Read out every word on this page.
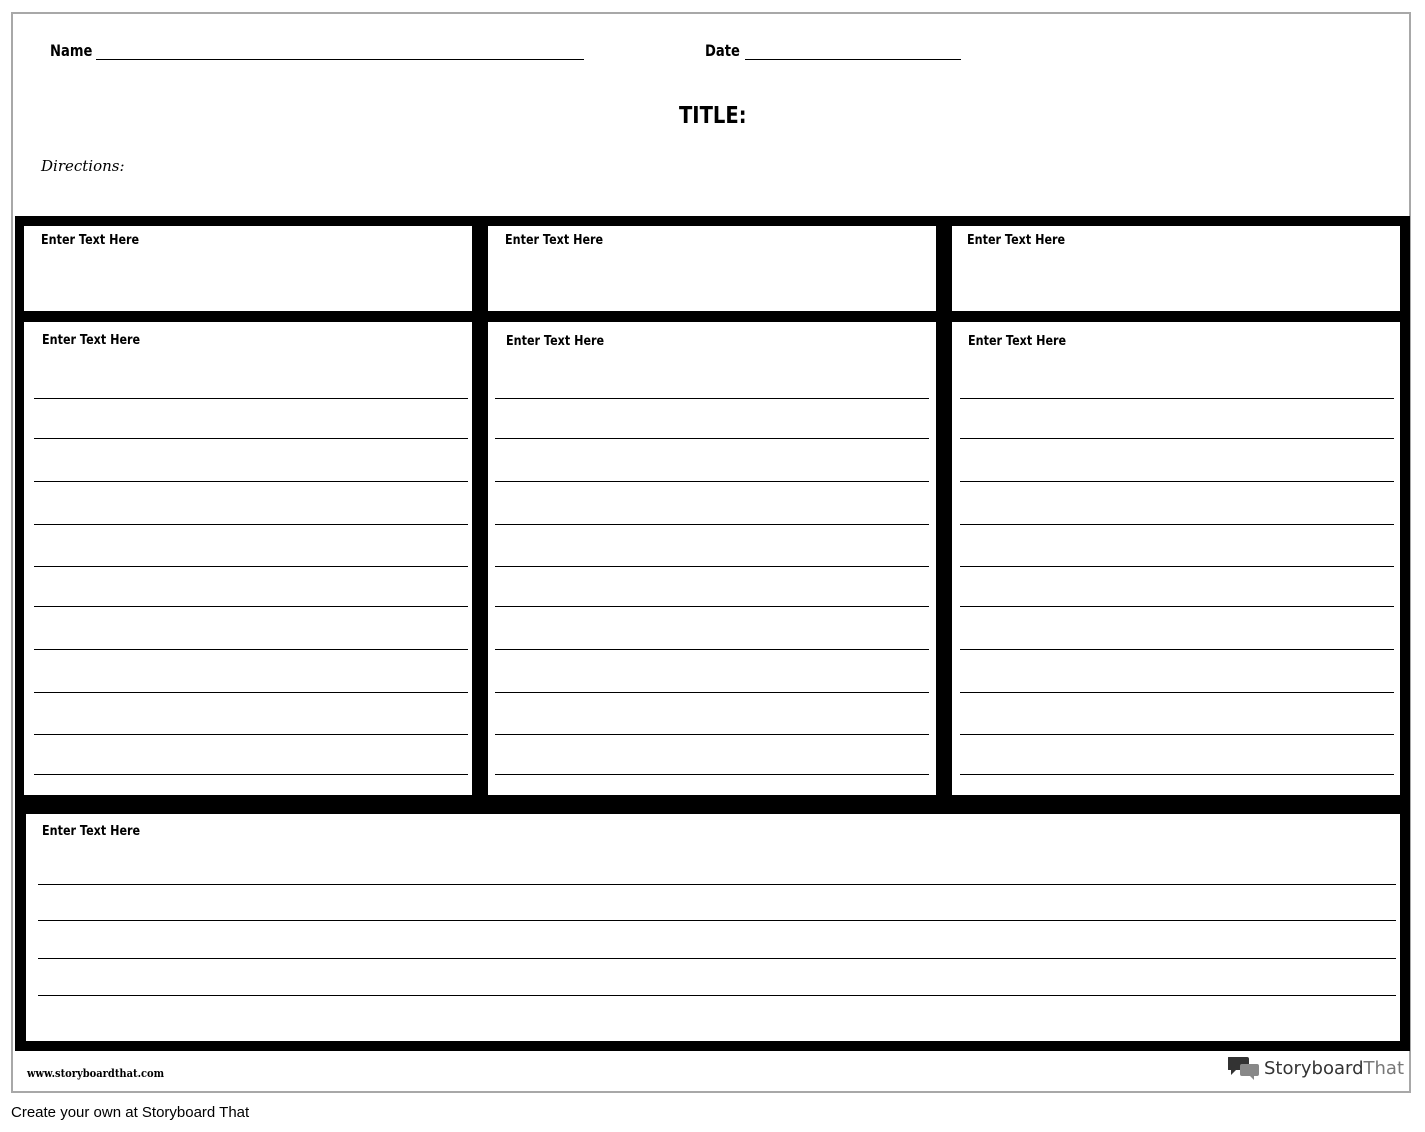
Name	Date
TITLE:
Directions:
Enter Text Here	Enter Text Here	Enter Text Here
Enter Text Here	Enter Text Here	Enter Text Here
Enter Text Here
www.storyboardthat.com	StoryboardThat
Create your own at Storyboard That
